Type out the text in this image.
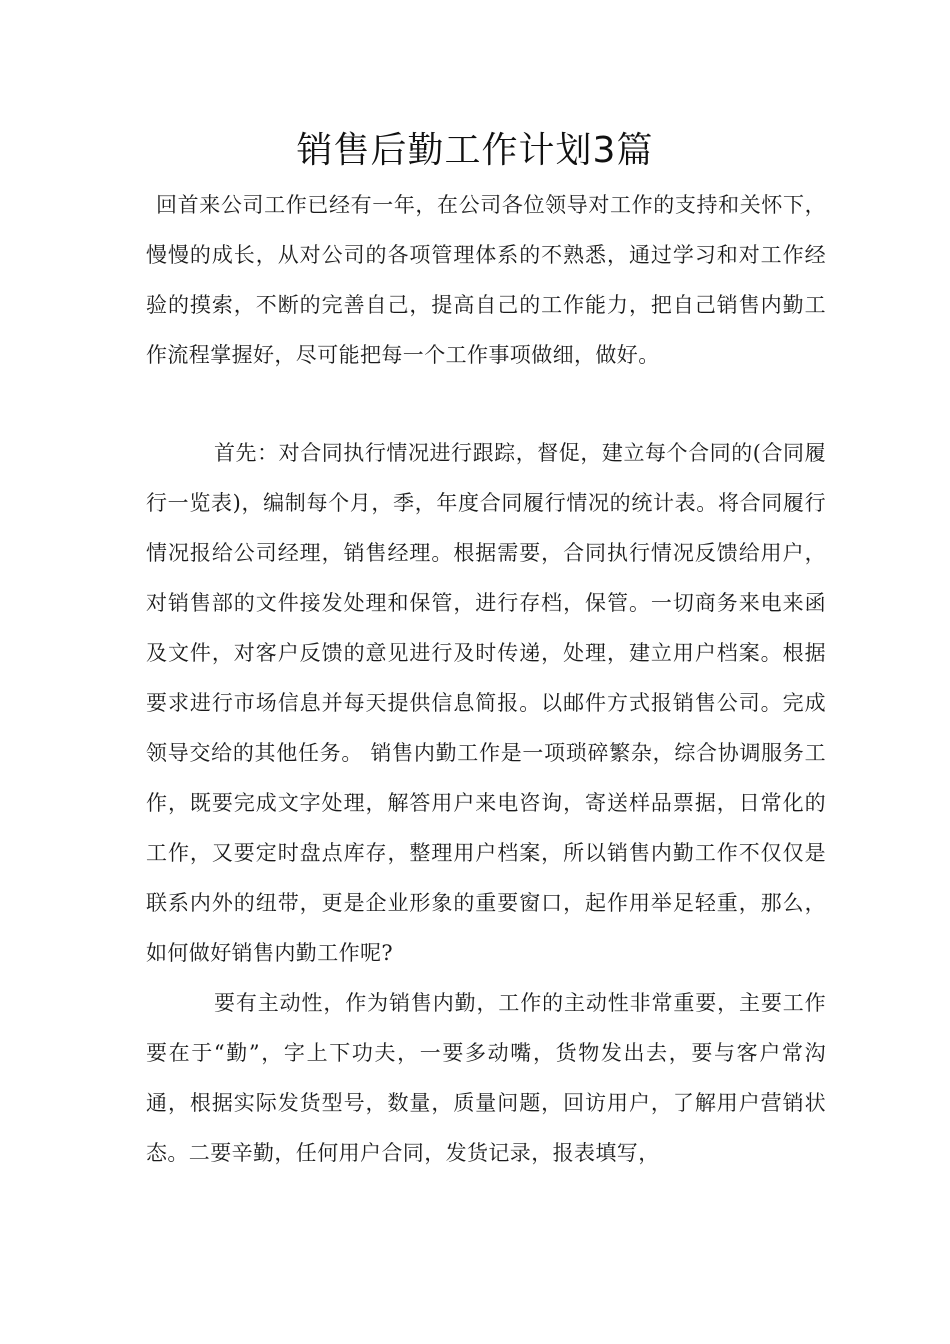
销售后勤工作计划3篇

回首来公司工作已经有一年，在公司各位领导对工作的支持和关怀下，慢慢的成长，从对公司的各项管理体系的不熟悉，通过学习和对工作经验的摸索，不断的完善自己，提高自己的工作能力，把自己销售内勤工作流程掌握好，尽可能把每一个工作事项做细，做好。

首先：对合同执行情况进行跟踪，督促，建立每个合同的(合同履行一览表)，编制每个月，季，年度合同履行情况的统计表。将合同履行情况报给公司经理，销售经理。根据需要，合同执行情况反馈给用户，对销售部的文件接发处理和保管，进行存档，保管。一切商务来电来函及文件，对客户反馈的意见进行及时传递，处理，建立用户档案。根据要求进行市场信息并每天提供信息简报。以邮件方式报销售公司。完成领导交给的其他任务。 销售内勤工作是一项琐碎繁杂，综合协调服务工作，既要完成文字处理，解答用户来电咨询，寄送样品票据，日常化的工作，又要定时盘点库存，整理用户档案，所以销售内勤工作不仅仅是联系内外的纽带，更是企业形象的重要窗口，起作用举足轻重，那么，如何做好销售内勤工作呢?

要有主动性，作为销售内勤，工作的主动性非常重要，主要工作要在于“勤”，字上下功夫，一要多动嘴，货物发出去，要与客户常沟通，根据实际发货型号，数量，质量问题，回访用户，了解用户营销状态。二要辛勤，任何用户合同，发货记录，报表填写，
